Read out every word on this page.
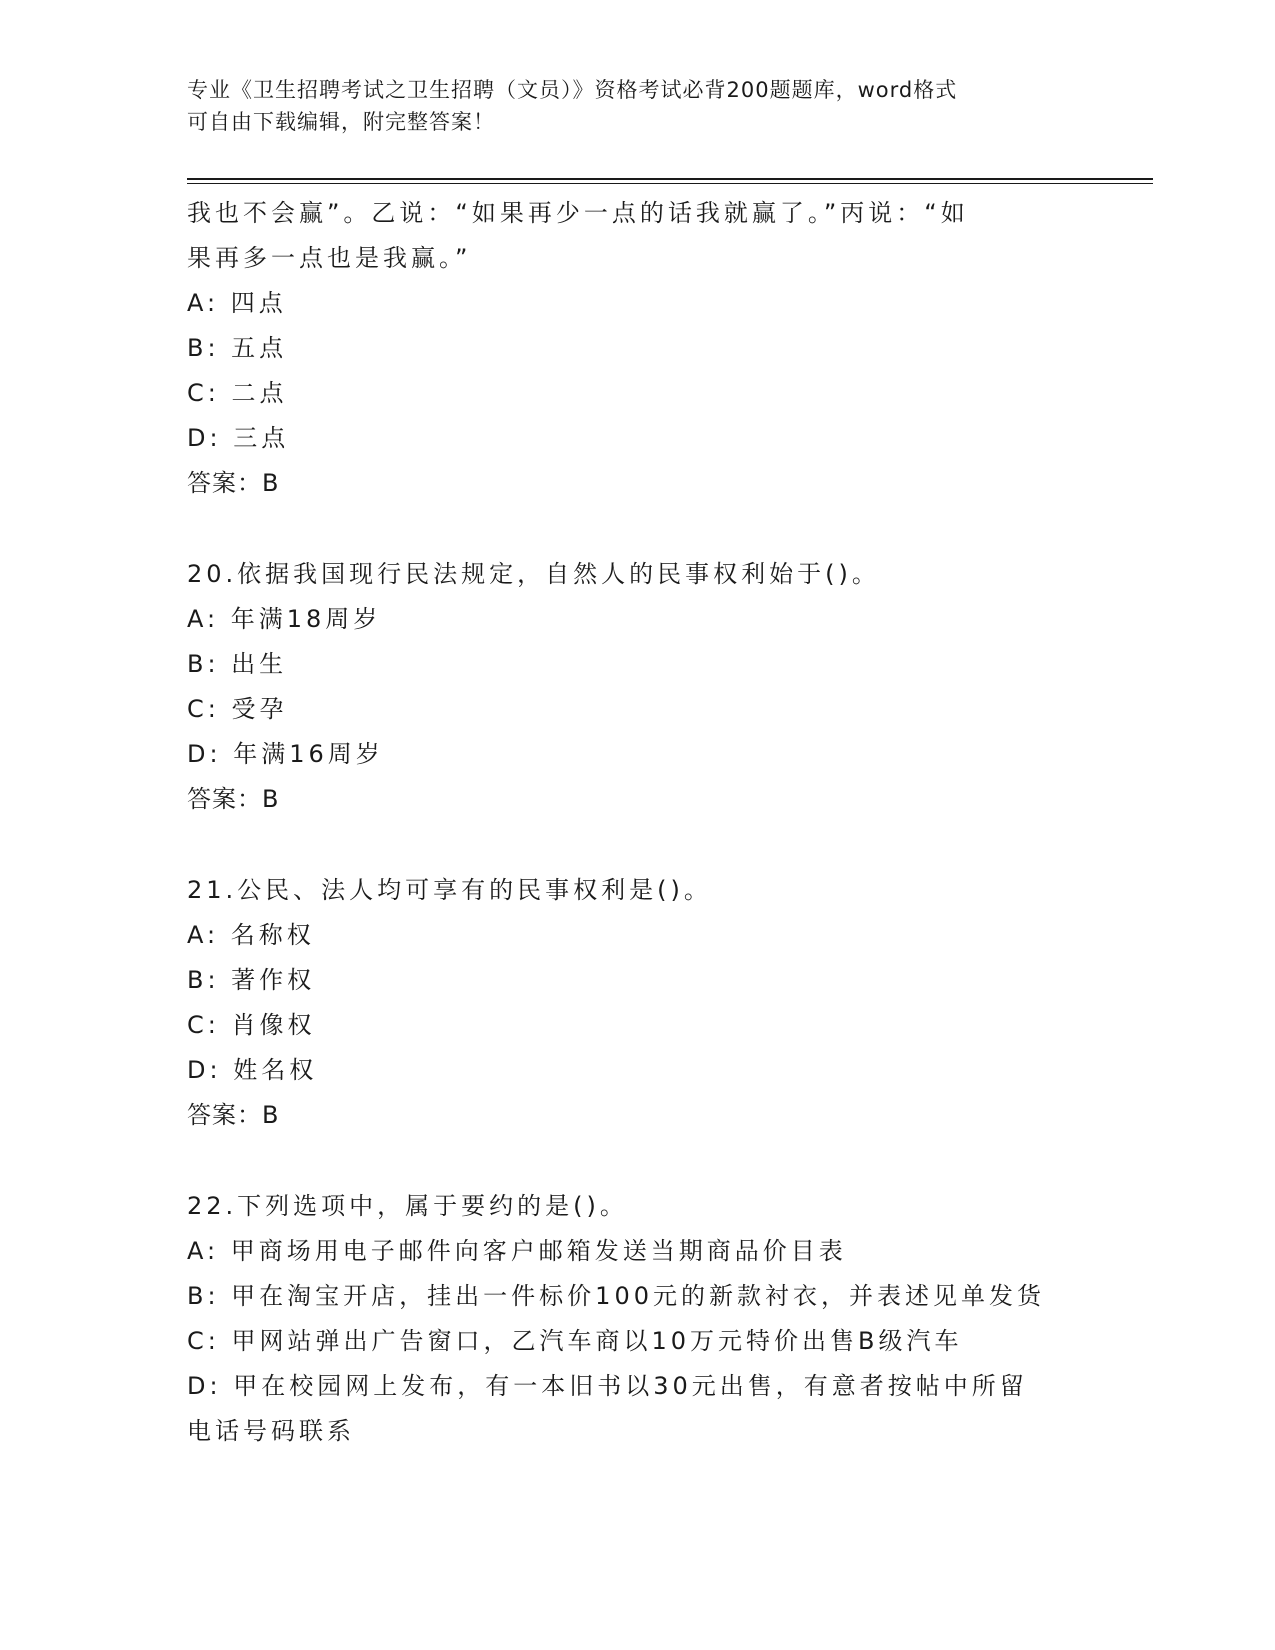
专业《卫生招聘考试之卫生招聘（文员）》资格考试必背200题题库，word格式
可自由下载编辑，附完整答案！
我也不会赢”。乙说：“如果再少一点的话我就赢了。”丙说：“如
果再多一点也是我赢。”
A: 四点
B: 五点
C: 二点
D: 三点
答案：B
20.依据我国现行民法规定，自然人的民事权利始于()。
A: 年满18周岁
B: 出生
C: 受孕
D: 年满16周岁
答案：B
21.公民、法人均可享有的民事权利是()。
A: 名称权
B: 著作权
C: 肖像权
D: 姓名权
答案：B
22.下列选项中，属于要约的是()。
A: 甲商场用电子邮件向客户邮箱发送当期商品价目表
B: 甲在淘宝开店，挂出一件标价100元的新款衬衣，并表述见单发货
C: 甲网站弹出广告窗口，乙汽车商以10万元特价出售B级汽车
D: 甲在校园网上发布，有一本旧书以30元出售，有意者按帖中所留
电话号码联系
